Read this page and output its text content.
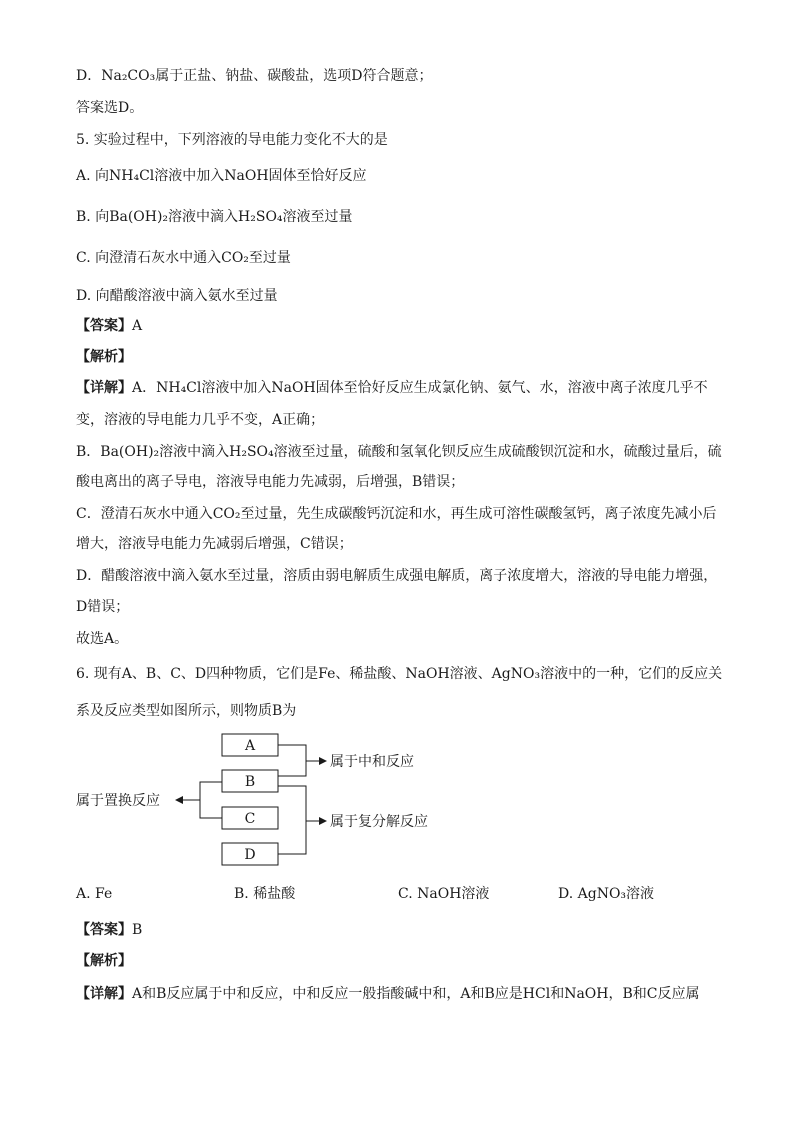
D．Na₂CO₃属于正盐、钠盐、碳酸盐，选项D符合题意；
答案选D。
5. 实验过程中，下列溶液的导电能力变化不大的是
A. 向NH₄Cl溶液中加入NaOH固体至恰好反应
B. 向Ba(OH)₂溶液中滴入H₂SO₄溶液至过量
C. 向澄清石灰水中通入CO₂至过量
D. 向醋酸溶液中滴入氨水至过量
【答案】A
【解析】
【详解】A．NH₄Cl溶液中加入NaOH固体至恰好反应生成氯化钠、氨气、水，溶液中离子浓度几乎不
变，溶液的导电能力几乎不变，A正确；
B．Ba(OH)₂溶液中滴入H₂SO₄溶液至过量，硫酸和氢氧化钡反应生成硫酸钡沉淀和水，硫酸过量后，硫
酸电离出的离子导电，溶液导电能力先减弱，后增强，B错误；
C．澄清石灰水中通入CO₂至过量，先生成碳酸钙沉淀和水，再生成可溶性碳酸氢钙，离子浓度先减小后
增大，溶液导电能力先减弱后增强，C错误；
D．醋酸溶液中滴入氨水至过量，溶质由弱电解质生成强电解质，离子浓度增大，溶液的导电能力增强，
D错误；
故选A。
6. 现有A、B、C、D四种物质，它们是Fe、稀盐酸、NaOH溶液、AgNO₃溶液中的一种，它们的反应关
系及反应类型如图所示，则物质B为
A
B
C
D
属于中和反应
属于复分解反应
属于置换反应
A. Fe	B. 稀盐酸	C. NaOH溶液	D. AgNO₃溶液
【答案】B
【解析】
【详解】A和B反应属于中和反应，中和反应一般指酸碱中和，A和B应是HCl和NaOH，B和C反应属
